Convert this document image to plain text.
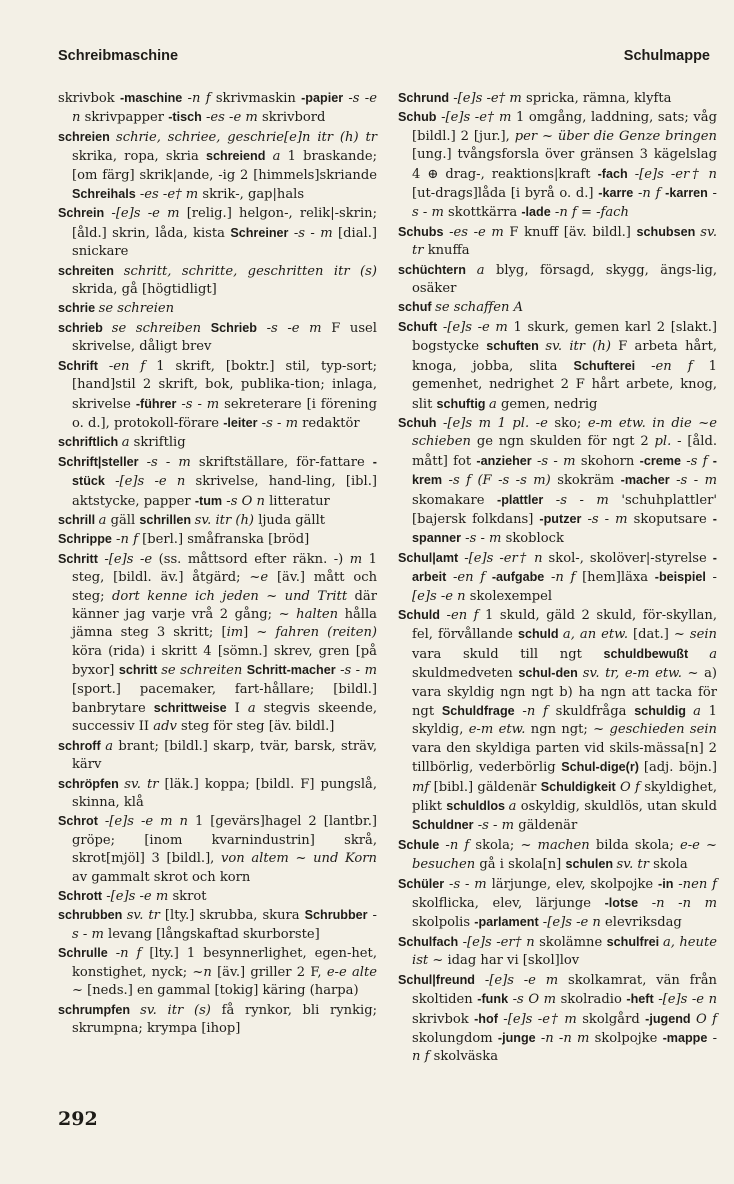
Schreibmaschine	Schulmappe

skrivbok -maschine -n f skrivmaskin -papier -s -e n skrivpapper -tisch -es -e m skrivbord

schreien schrie, schriee, geschrie[e]n itr (h) tr skrika, ropa, skria schreiend a 1 braskande; [om färg] skrik|ande, -ig 2 [himmels]skriande Schreihals -es -e† m skrik-, gap|hals

Schrein -[e]s -e m [relig.] helgon-, relik|-skrin; [åld.] skrin, låda, kista Schreiner -s - m [dial.] snickare

schreiten schritt, schritte, geschritten itr (s) skrida, gå [högtidligt]

schrie se schreien

schrieb se schreiben Schrieb -s -e m F usel skrivelse, dåligt brev

Schrift -en f 1 skrift, [boktr.] stil, typ-sort; [hand]stil 2 skrift, bok, publika-tion; inlaga, skrivelse -führer -s - m sekreterare [i förening o. d.], protokoll-förare -leiter -s - m redaktör

schriftlich a skriftlig

Schrift|steller -s - m skriftställare, för-fattare -stück -[e]s -e n skrivelse, hand-ling, [ibl.] aktstycke, papper -tum -s O n litteratur

schrill a gäll schrillen sv. itr (h) ljuda gällt

Schrippe -n f [berl.] småfranska [bröd]

Schritt -[e]s -e (ss. måttsord efter räkn. -) m 1 steg, [bildl. äv.] åtgärd; ~e [äv.] mått och steg; dort kenne ich jeden ~ und Tritt där känner jag varje vrå 2 gång; ~ halten hålla jämna steg 3 skritt; [im] ~ fahren (reiten) köra (rida) i skritt 4 [sömn.] skrev, gren [på byxor] schritt se schreiten Schritt-macher -s - m [sport.] pacemaker, fart-hållare; [bildl.] banbrytare schrittweise I a stegvis skeende, successiv II adv steg för steg [äv. bildl.]

schroff a brant; [bildl.] skarp, tvär, barsk, sträv, kärv

schröpfen sv. tr [läk.] koppa; [bildl. F] pungslå, skinna, klå

Schrot -[e]s -e m n 1 [gevärs]hagel 2 [lantbr.] gröpe; [inom kvarnindustrin] skrå, skrot[mjöl] 3 [bildl.], von altem ~ und Korn av gammalt skrot och korn

Schrott -[e]s -e m skrot

schrubben sv. tr [lty.] skrubba, skura Schrubber -s - m levang [långskaftad skurborste]

Schrulle -n f [lty.] 1 besynnerlighet, egen-het, konstighet, nyck; ~n [äv.] griller 2 F, e-e alte ~ [neds.] en gammal [tokig] käring (harpa)

schrumpfen sv. itr (s) få rynkor, bli rynkig; skrumpna; krympa [ihop]

Schrund -[e]s -e† m spricka, rämna, klyfta

Schub -[e]s -e† m 1 omgång, laddning, sats; våg [bildl.] 2 [jur.], per ~ über die Genze bringen [ung.] tvångsforsla över gränsen 3 kägelslag 4 ⊕ drag-, reaktions|kraft -fach -[e]s -er† n [ut-drags]låda [i byrå o. d.] -karre -n f -karren -s - m skottkärra -lade -n f = -fach

Schubs -es -e m F knuff [äv. bildl.] schubsen sv. tr knuffa

schüchtern a blyg, försagd, skygg, ängs-lig, osäker

schuf se schaffen A

Schuft -[e]s -e m 1 skurk, gemen karl 2 [slakt.] bogstycke schuften sv. itr (h) F arbeta hårt, knoga, jobba, slita Schufterei -en f 1 gemenhet, nedrighet 2 F hårt arbete, knog, slit schuftig a gemen, nedrig

Schuh -[e]s m 1 pl. -e sko; e-m etw. in die ~e schieben ge ngn skulden för ngt 2 pl. - [åld. mått] fot -anzieher -s - m skohorn -creme -s f -krem -s f (F -s -s m) skokräm -macher -s - m skomakare -plattler -s - m 'schuhplattler' [bajersk folkdans] -putzer -s - m skoputsare -spanner -s - m skoblock

Schul|amt -[e]s -er† n skol-, skolöver|-styrelse -arbeit -en f -aufgabe -n f [hem]läxa -beispiel -[e]s -e n skolexempel

Schuld -en f 1 skuld, gäld 2 skuld, för-skyllan, fel, förvållande schuld a, an etw. [dat.] ~ sein vara skuld till ngt schuldbewußt a skuldmedveten schul-den sv. tr, e-m etw. ~ a) vara skyldig ngn ngt b) ha ngn att tacka för ngt Schuldfrage -n f skuldfråga schuldig a 1 skyldig, e-m etw. ngn ngt; ~ geschieden sein vara den skyldiga parten vid skils-mässa[n] 2 tillbörlig, vederbörlig Schul-dige(r) [adj. böjn.] mf [bibl.] gäldenär Schuldigkeit O f skyldighet, plikt schuldlos a oskyldig, skuldlös, utan skuld Schuldner -s - m gäldenär

Schule -n f skola; ~ machen bilda skola; e-e ~ besuchen gå i skola[n] schulen sv. tr skola

Schüler -s - m lärjunge, elev, skolpojke -in -nen f skolflicka, elev, lärjunge -lotse -n -n m skolpolis -parlament -[e]s -e n elevriksdag

Schulfach -[e]s -er† n skolämne schulfrei a, heute ist ~ idag har vi [skol]lov

Schul|freund -[e]s -e m skolkamrat, vän från skoltiden -funk -s O m skolradio -heft -[e]s -e n skrivbok -hof -[e]s -e† m skolgård -jugend O f skolungdom -junge -n -n m skolpojke -mappe -n f skolväska

292
